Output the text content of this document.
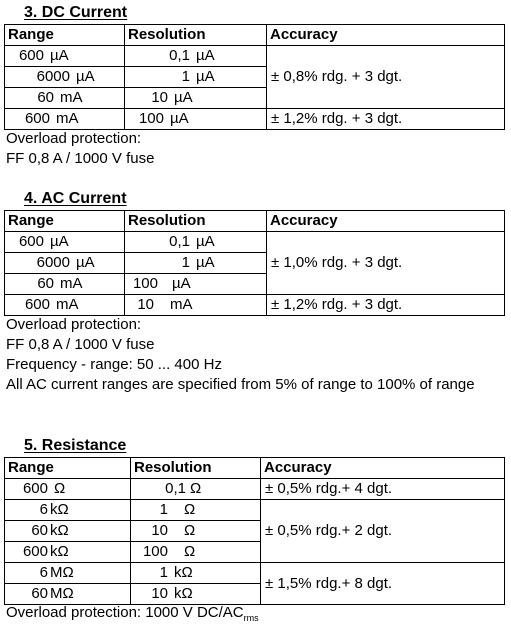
3. DC Current
Range	Resolution	Accuracy
600 µA	0,1 µA	± 0,8% rdg. + 3 dgt.
6000 µA	1 µA	
60 mA	10 µA	
600 mA	100 µA	± 1,2% rdg. + 3 dgt.
Overload protection:
FF 0,8 A / 1000 V fuse
4. AC Current
Range	Resolution	Accuracy
600 µA	0,1 µA	± 1,0% rdg. + 3 dgt.
6000 µA	1 µA	
60 mA	100 µA	
600 mA	10 mA	± 1,2% rdg. + 3 dgt.
Overload protection:
FF 0,8 A / 1000 V fuse
Frequency - range: 50 ... 400 Hz
All AC current ranges are specified from 5% of range to 100% of range
5. Resistance
Range	Resolution	Accuracy
600 Ω	0,1 Ω	± 0,5% rdg.+ 4 dgt.
6 kΩ	1 Ω	± 0,5% rdg.+ 2 dgt.
60 kΩ	10 Ω	
600 kΩ	100 Ω	
6 MΩ	1 kΩ	± 1,5% rdg.+ 8 dgt.
60 MΩ	10 kΩ	
Overload protection: 1000 V $DC/AC_{rms}$
